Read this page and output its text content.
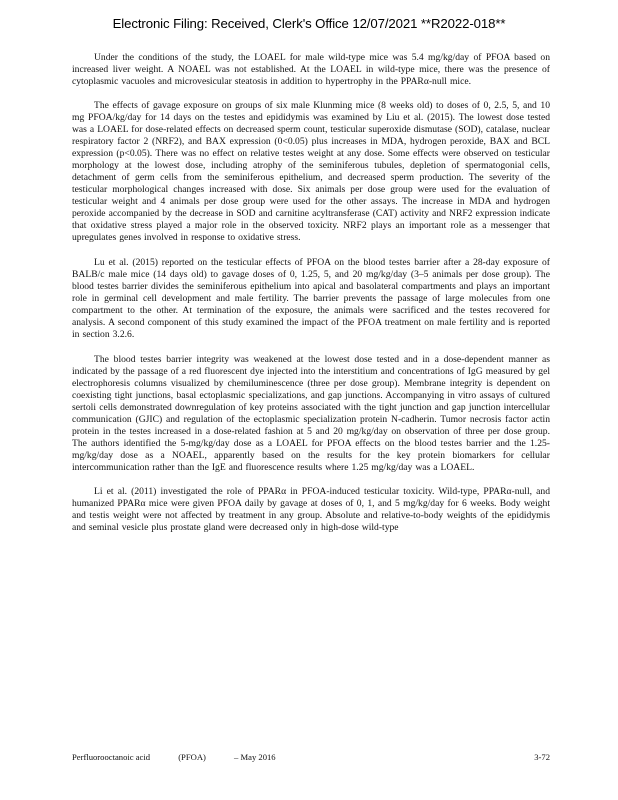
Electronic Filing: Received, Clerk's Office 12/07/2021 **R2022-018**

Under the conditions of the study, the LOAEL for male wild-type mice was 5.4 mg/kg/day of PFOA based on increased liver weight. A NOAEL was not established. At the LOAEL in wild-type mice, there was the presence of cytoplasmic vacuoles and microvesicular steatosis in addition to hypertrophy in the PPARα-null mice.

The effects of gavage exposure on groups of six male Klunming mice (8 weeks old) to doses of 0, 2.5, 5, and 10 mg PFOA/kg/day for 14 days on the testes and epididymis was examined by Liu et al. (2015). The lowest dose tested was a LOAEL for dose-related effects on decreased sperm count, testicular superoxide dismutase (SOD), catalase, nuclear respiratory factor 2 (NRF2), and BAX expression (0<0.05) plus increases in MDA, hydrogen peroxide, BAX and BCL expression (p<0.05). There was no effect on relative testes weight at any dose. Some effects were observed on testicular morphology at the lowest dose, including atrophy of the seminiferous tubules, depletion of spermatogonial cells, detachment of germ cells from the seminiferous epithelium, and decreased sperm production. The severity of the testicular morphological changes increased with dose. Six animals per dose group were used for the evaluation of testicular weight and 4 animals per dose group were used for the other assays. The increase in MDA and hydrogen peroxide accompanied by the decrease in SOD and carnitine acyltransferase (CAT) activity and NRF2 expression indicate that oxidative stress played a major role in the observed toxicity. NRF2 plays an important role as a messenger that upregulates genes involved in response to oxidative stress.

Lu et al. (2015) reported on the testicular effects of PFOA on the blood testes barrier after a 28-day exposure of BALB/c male mice (14 days old) to gavage doses of 0, 1.25, 5, and 20 mg/kg/day (3–5 animals per dose group). The blood testes barrier divides the seminiferous epithelium into apical and basolateral compartments and plays an important role in germinal cell development and male fertility. The barrier prevents the passage of large molecules from one compartment to the other. At termination of the exposure, the animals were sacrificed and the testes recovered for analysis. A second component of this study examined the impact of the PFOA treatment on male fertility and is reported in section 3.2.6.

The blood testes barrier integrity was weakened at the lowest dose tested and in a dose-dependent manner as indicated by the passage of a red fluorescent dye injected into the interstitium and concentrations of IgG measured by gel electrophoresis columns visualized by chemiluminescence (three per dose group). Membrane integrity is dependent on coexisting tight junctions, basal ectoplasmic specializations, and gap junctions. Accompanying in vitro assays of cultured sertoli cells demonstrated downregulation of key proteins associated with the tight junction and gap junction intercellular communication (GJIC) and regulation of the ectoplasmic specialization protein N-cadherin. Tumor necrosis factor actin protein in the testes increased in a dose-related fashion at 5 and 20 mg/kg/day on observation of three per dose group. The authors identified the 5-mg/kg/day dose as a LOAEL for PFOA effects on the blood testes barrier and the 1.25-mg/kg/day dose as a NOAEL, apparently based on the results for the key protein biomarkers for cellular intercommunication rather than the IgE and fluorescence results where 1.25 mg/kg/day was a LOAEL.

Li et al. (2011) investigated the role of PPARα in PFOA-induced testicular toxicity. Wild-type, PPARα-null, and humanized PPARα mice were given PFOA daily by gavage at doses of 0, 1, and 5 mg/kg/day for 6 weeks. Body weight and testis weight were not affected by treatment in any group. Absolute and relative-to-body weights of the epididymis and seminal vesicle plus prostate gland were decreased only in high-dose wild-type

Perfluorooctanoic acid	(PFOA)	– May 2016	3-72
